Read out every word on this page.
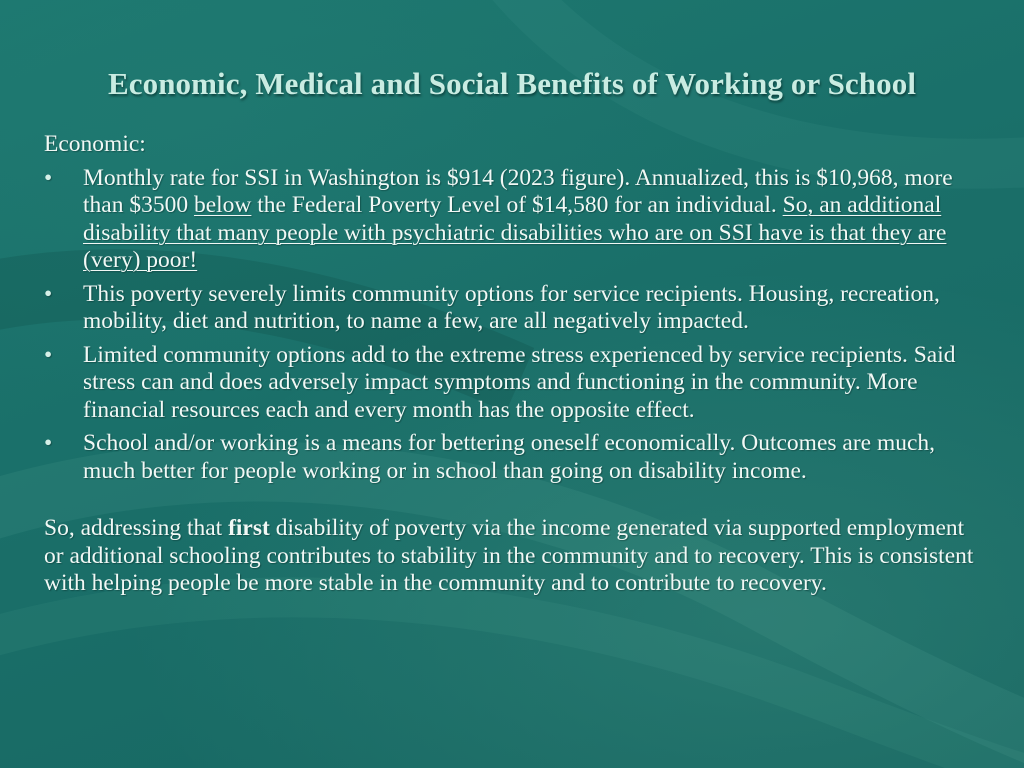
Economic, Medical and Social Benefits of Working or School
Economic:
•	Monthly rate for SSI in Washington is $914 (2023 figure). Annualized, this is $10,968, more than $3500 below the Federal Poverty Level of $14,580 for an individual. So, an additional disability that many people with psychiatric disabilities who are on SSI have is that they are (very) poor!
•	This poverty severely limits community options for service recipients. Housing, recreation, mobility, diet and nutrition, to name a few, are all negatively impacted.
•	Limited community options add to the extreme stress experienced by service recipients. Said stress can and does adversely impact symptoms and functioning in the community. More financial resources each and every month has the opposite effect.
•	School and/or working is a means for bettering oneself economically. Outcomes are much, much better for people working or in school than going on disability income.
So, addressing that first disability of poverty via the income generated via supported employment or additional schooling contributes to stability in the community and to recovery. This is consistent with helping people be more stable in the community and to contribute to recovery.
